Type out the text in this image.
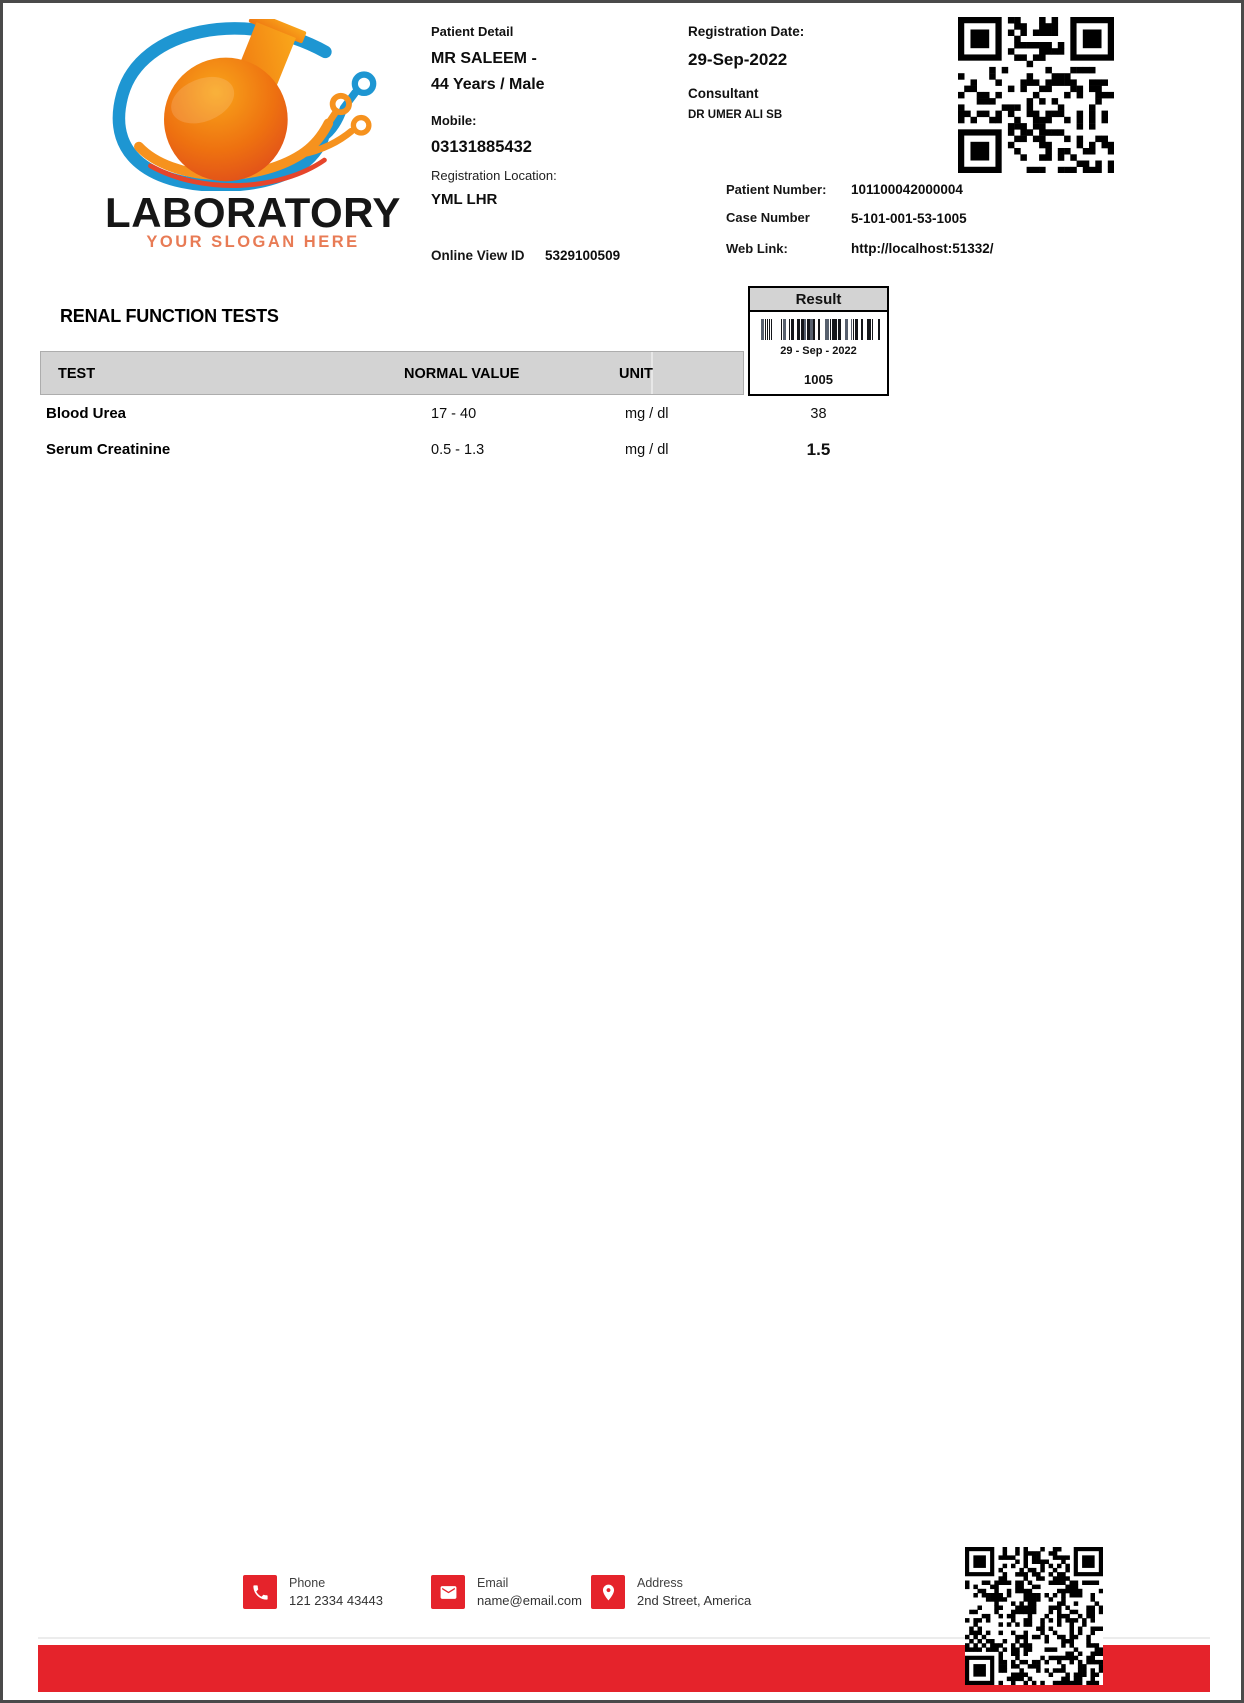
LABORATORY
YOUR SLOGAN HERE
Patient Detail
MR SALEEM -
44 Years / Male
Mobile:
03131885432
Registration Location:
YML LHR
Online View ID 5329100509
Registration Date:
29-Sep-2022
Consultant
DR UMER ALI SB
Patient Number: 101100042000004
Case Number	5-101-001-53-1005
Web Link:	http://localhost:51332/
RENAL FUNCTION TESTS
Result
29 - Sep - 2022
1005
TEST	NORMAL VALUE	UNIT
Blood Urea	17 - 40	mg / dl	38
Serum Creatinine	0.5 - 1.3	mg / dl	1.5
Phone
121 2334 43443
Email
name@email.com
Address
2nd Street, America
